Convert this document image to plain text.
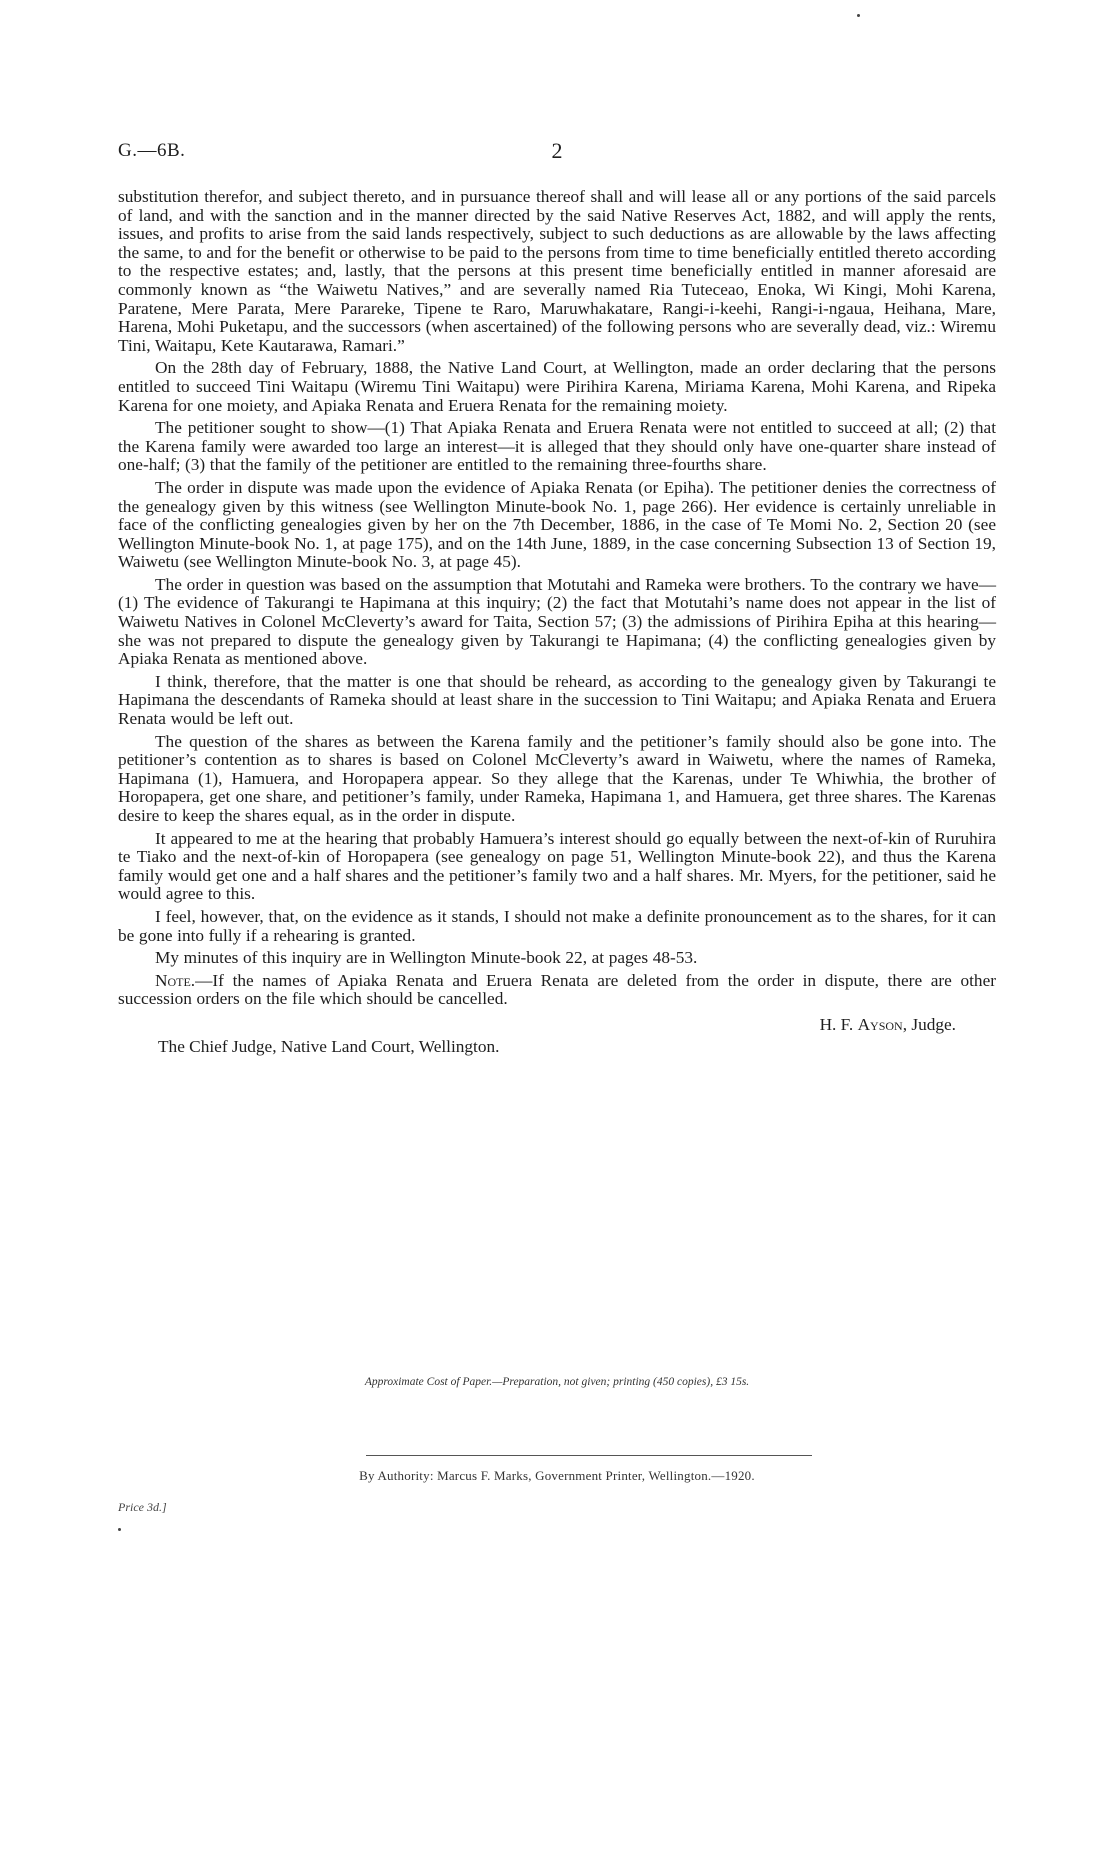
G.—6B.	2

substitution therefor, and subject thereto, and in pursuance thereof shall and will lease all or any portions of the said parcels of land, and with the sanction and in the manner directed by the said Native Reserves Act, 1882, and will apply the rents, issues, and profits to arise from the said lands respectively, subject to such deductions as are allowable by the laws affecting the same, to and for the benefit or otherwise to be paid to the persons from time to time beneficially entitled thereto according to the respective estates; and, lastly, that the persons at this present time beneficially entitled in manner aforesaid are commonly known as “the Waiwetu Natives,” and are severally named Ria Tuteceao, Enoka, Wi Kingi, Mohi Karena, Paratene, Mere Parata, Mere Parareke, Tipene te Raro, Maruwhakatare, Rangi-i-keehi, Rangi-i-ngaua, Heihana, Mare, Harena, Mohi Puketapu, and the successors (when ascertained) of the following persons who are severally dead, viz.: Wiremu Tini, Waitapu, Kete Kautarawa, Ramari.”

On the 28th day of February, 1888, the Native Land Court, at Wellington, made an order declaring that the persons entitled to succeed Tini Waitapu (Wiremu Tini Waitapu) were Pirihira Karena, Miriama Karena, Mohi Karena, and Ripeka Karena for one moiety, and Apiaka Renata and Eruera Renata for the remaining moiety.

The petitioner sought to show—(1) That Apiaka Renata and Eruera Renata were not entitled to succeed at all; (2) that the Karena family were awarded too large an interest—it is alleged that they should only have one-quarter share instead of one-half; (3) that the family of the petitioner are entitled to the remaining three-fourths share.

The order in dispute was made upon the evidence of Apiaka Renata (or Epiha). The petitioner denies the correctness of the genealogy given by this witness (see Wellington Minute-book No. 1, page 266). Her evidence is certainly unreliable in face of the conflicting genealogies given by her on the 7th December, 1886, in the case of Te Momi No. 2, Section 20 (see Wellington Minute-book No. 1, at page 175), and on the 14th June, 1889, in the case concerning Subsection 13 of Section 19, Waiwetu (see Wellington Minute-book No. 3, at page 45).

The order in question was based on the assumption that Motutahi and Rameka were brothers. To the contrary we have—(1) The evidence of Takurangi te Hapimana at this inquiry; (2) the fact that Motutahi’s name does not appear in the list of Waiwetu Natives in Colonel McCleverty’s award for Taita, Section 57; (3) the admissions of Pirihira Epiha at this hearing—she was not prepared to dispute the genealogy given by Takurangi te Hapimana; (4) the conflicting genealogies given by Apiaka Renata as mentioned above.

I think, therefore, that the matter is one that should be reheard, as according to the genealogy given by Takurangi te Hapimana the descendants of Rameka should at least share in the succession to Tini Waitapu; and Apiaka Renata and Eruera Renata would be left out.

The question of the shares as between the Karena family and the petitioner’s family should also be gone into. The petitioner’s contention as to shares is based on Colonel McCleverty’s award in Waiwetu, where the names of Rameka, Hapimana (1), Hamuera, and Horopapera appear. So they allege that the Karenas, under Te Whiwhia, the brother of Horopapera, get one share, and petitioner’s family, under Rameka, Hapimana 1, and Hamuera, get three shares. The Karenas desire to keep the shares equal, as in the order in dispute.

It appeared to me at the hearing that probably Hamuera’s interest should go equally between the next-of-kin of Ruruhira te Tiako and the next-of-kin of Horopapera (see genealogy on page 51, Wellington Minute-book 22), and thus the Karena family would get one and a half shares and the petitioner’s family two and a half shares. Mr. Myers, for the petitioner, said he would agree to this.

I feel, however, that, on the evidence as it stands, I should not make a definite pronouncement as to the shares, for it can be gone into fully if a rehearing is granted.

My minutes of this inquiry are in Wellington Minute-book 22, at pages 48-53.

Note.—If the names of Apiaka Renata and Eruera Renata are deleted from the order in dispute, there are other succession orders on the file which should be cancelled.

H. F. Ayson, Judge.
The Chief Judge, Native Land Court, Wellington.
Approximate Cost of Paper.—Preparation, not given; printing (450 copies), £3 15s.
By Authority: Marcus F. Marks, Government Printer, Wellington.—1920.
Price 3d.]
